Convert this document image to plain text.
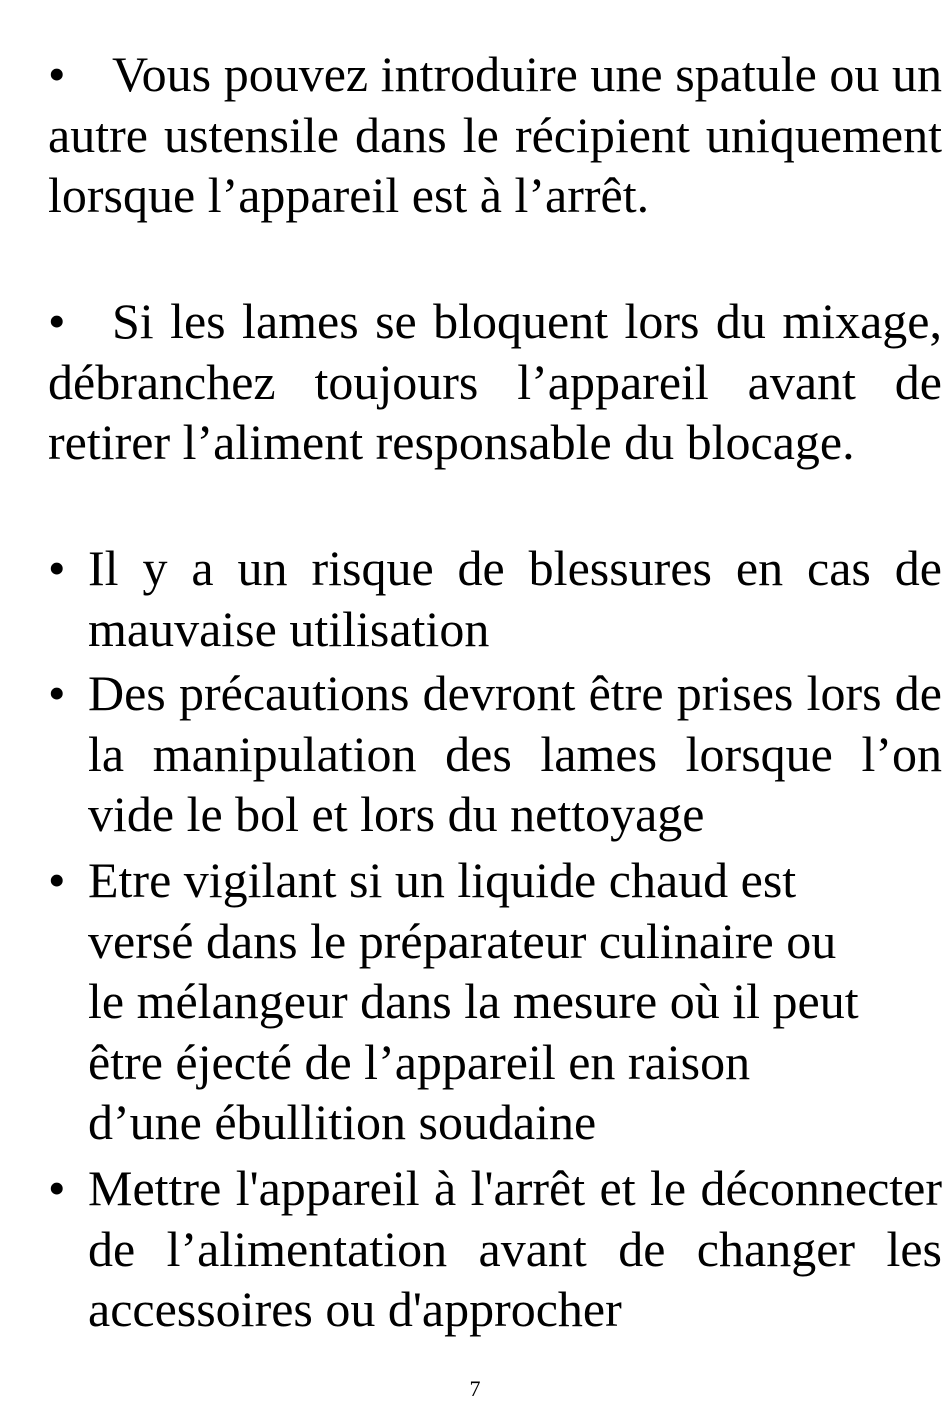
• Vous pouvez introduire une spatule ou un autre ustensile dans le récipient uniquement lorsque l’appareil est à l’arrêt.
• Si les lames se bloquent lors du mixage, débranchez toujours l’appareil avant de retirer l’aliment responsable du blocage.
• Il y a un risque de blessures en cas de mauvaise utilisation
• Des précautions devront être prises lors de la manipulation des lames lorsque l’on vide le bol et lors du nettoyage
• Etre vigilant si un liquide chaud est
versé dans le préparateur culinaire ou
le mélangeur dans la mesure où il peut
être éjecté de l’appareil en raison
d’une ébullition soudaine
• Mettre l'appareil à l'arrêt et le déconnecter de l’alimentation avant de changer les accessoires ou d'approcher
7
